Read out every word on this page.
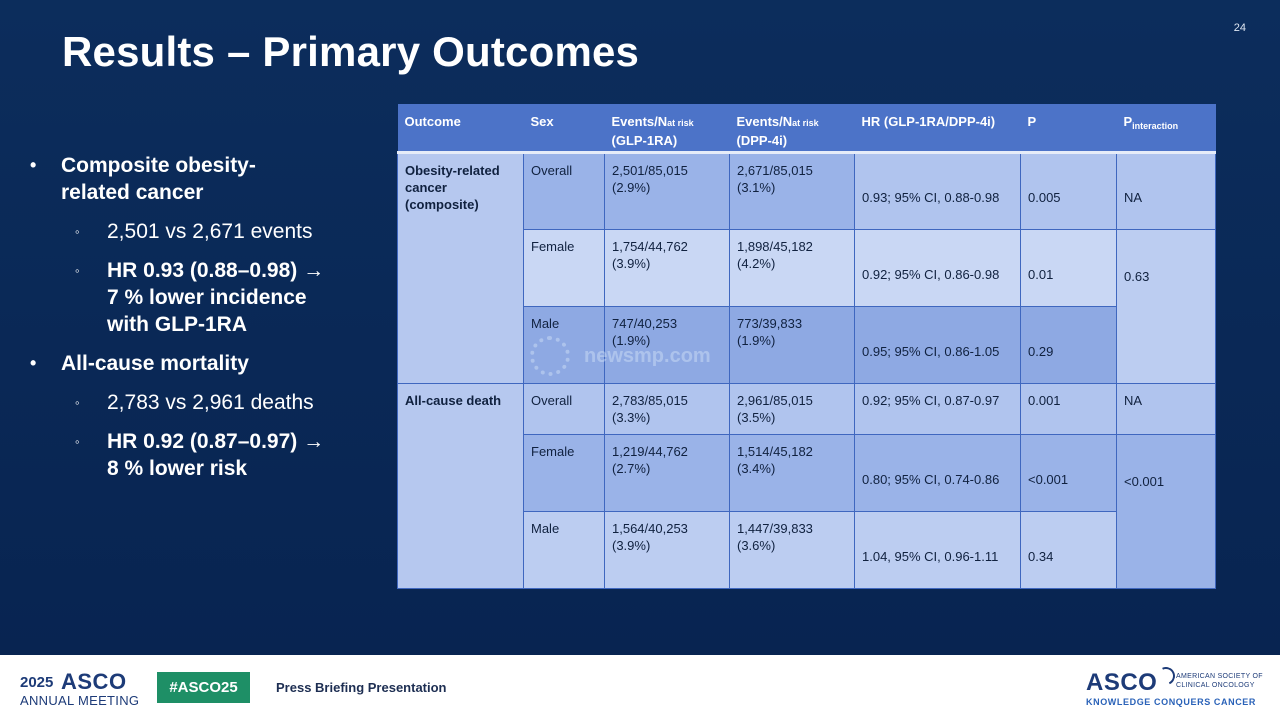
24
Results – Primary Outcomes
• Composite obesity-
related cancer
◦ 2,501 vs 2,671 events
◦ HR 0.93 (0.88–0.98) →
7 % lower incidence
with GLP-1RA
• All-cause mortality
◦ 2,783 vs 2,961 deaths
◦ HR 0.92 (0.87–0.97) →
8 % lower risk
Outcome	Sex	Events/Nat risk
(GLP-1RA)	Events/Nat risk
(DPP-4i)	HR (GLP-1RA/DPP-4i)	P	$P_{interaction}$
Obesity-related
cancer
(composite)	Overall	2,501/85,015
(2.9%)	2,671/85,015
(3.1%)	0.93; 95% CI, 0.88-0.98	0.005	NA
	Female	1,754/44,762
(3.9%)	1,898/45,182
(4.2%)	0.92; 95% CI, 0.86-0.98	0.01	0.63
	Male	747/40,253
(1.9%)	773/39,833
(1.9%)	0.95; 95% CI, 0.86-1.05	0.29	
All-cause death	Overall	2,783/85,015
(3.3%)	2,961/85,015
(3.5%)	0.92; 95% CI, 0.87-0.97	0.001	NA
	Female	1,219/44,762
(2.7%)	1,514/45,182
(3.4%)	0.80; 95% CI, 0.74-0.86	<0.001	<0.001
	Male	1,564/40,253
(3.9%)	1,447/39,833
(3.6%)	1.04, 95% CI, 0.96-1.11	0.34	
newsmp.com
2025 ASCO
ANNUAL MEETING
#ASCO25	Press Briefing Presentation	ASCO	AMERICAN SOCIETY OF
CLINICAL ONCOLOGY
KNOWLEDGE CONQUERS CANCER
